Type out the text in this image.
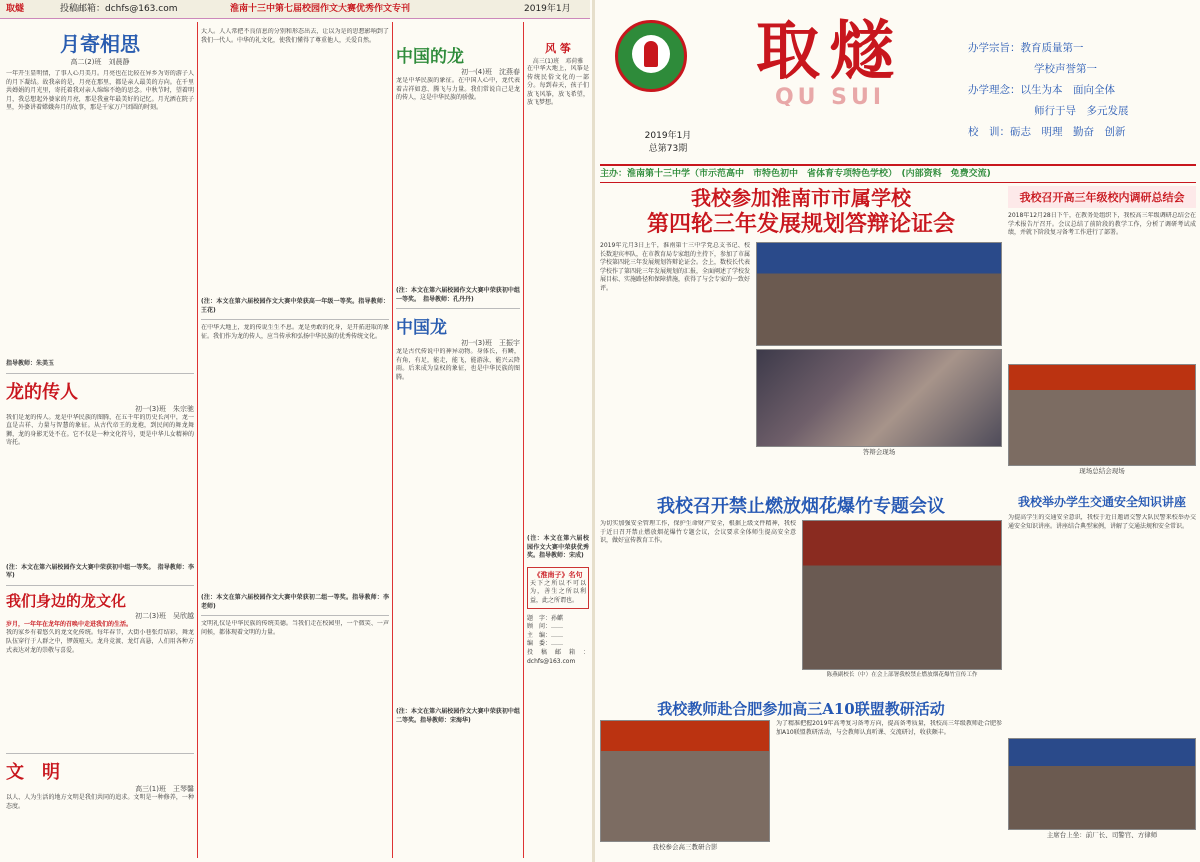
取燧	投稿邮箱：dchfs@163.com	淮南十三中第七届校园作文大赛优秀作文专刊	2019年1月
月寄相思
高二(2)班　刘晨静
一年开生显明情，了事人心月美月。月亮也在比较在异乡为寄的游子人的月下凝结。故我亲的是，月亮在那里，都是亲人最美的方向。在千里共婵娟的月光里，寄托着我对亲人绵绵不绝的思念。中秋节时，望着明月，我总想起外婆家的月亮，那是我童年最美好的记忆。月光洒在院子里，外婆讲着嫦娥奔月的故事，那是千家万户团圆的时刻。
指导教师：朱美玉
龙的传人
初一(3)班　朱宗驰
我们是龙的传人。龙是中华民族的图腾，在五千年的历史长河中，龙一直是吉祥、力量与智慧的象征。从古代帝王的龙袍，到民间的舞龙舞狮，龙的身影无处不在。它不仅是一种文化符号，更是中华儿女精神的寄托。
(注：本文在第六届校园作文大赛中荣获初中组一等奖。　指导教师：李军)
我们身边的龙文化
初二(3)班　吴欣越
岁月，一年年在龙年的召唤中走进我们的生活。
我的家乡有着悠久的龙文化传统。每年春节，大街小巷张灯结彩，舞龙队伍穿行于人群之中，锣鼓喧天。龙舟竞渡、龙灯高悬，人们用各种方式表达对龙的崇敬与喜爱。
文　明
高三(1)班　王琴馨
以人、人为生活的地方文明是我们共同的追求。文明是一种修养，一种态度。
大人。人人常把不良信息的分别和形态出去，让以为是的思想影响到了我们一代人。中华的礼文化，使我们懂得了尊重他人，关爱自然。
(注：本文在第六届校园作文大赛中荣获高一年级一等奖。指导教师：王花)
在中华大地上，龙的传说生生不息。龙是勇敢的化身，是开拓进取的象征。我们作为龙的传人，应当传承和弘扬中华民族的优秀传统文化。
(注：本文在第六届校园作文大赛中荣获初二组一等奖。指导教师：李老师)
文明礼仪是中华民族的传统美德。当我们走在校园里，一个微笑、一声问候，都体现着文明的力量。
中国的龙
初一(4)班　沈燕春
龙是中华民族的象征。在中国人心中，龙代表着吉祥如意、腾飞与力量。我们常说自己是龙的传人，这是中华民族的骄傲。
(注：本文在第六届校园作文大赛中荣获初中组一等奖。　指导教师：孔丹丹)
中国龙
初一(3)班　王振宇
龙是古代传说中的神异动物。身体长，有鳞，有角，有足，能走，能飞，能游泳，能兴云降雨。后来成为皇权的象征，也是中华民族的图腾。
(注：本文在第六届校园作文大赛中荣获初中组二等奖。指导教师：宋海华)
风 筝
高三(1)班　邓荷雅
在中华大地上，风筝是传统民俗文化的一部分。每到春天，孩子们放飞风筝，放飞希望，放飞梦想。
(注：本文在第六届校园作文大赛中荣获优秀奖。指导教师：宋成)
《淮南子》名句
天下之所以不可以为，善生之所以利益，此之所谓也。
题　字：孙麒
顾　问：……
主　编：……
编　委：……
投稿邮箱：dchfs@163.com
取燧
QU SUI
2019年1月
总第73期
办学宗旨：教育质量第一
学校声誉第一
办学理念：以生为本　面向全体
师行于导　多元发展
校　训：砺志　明理　勤奋　创新
主办：淮南第十三中学（市示范高中　市特色初中　省体育专项特色学校）　(内部资料　免费交流)
我校参加淮南市市属学校
第四轮三年发展规划答辩论证会
2019年元月3日上午，淮南第十三中学党总支书记、校长数迎宾率队，在市教育局专家组的主持下，参加了市属学校第四轮三年发展规划答辩论证会。会上，数校长代表学校作了第四轮三年发展规划的汇报，全面阐述了学校发展目标、实施路径和保障措施，获得了与会专家的一致好评。
答辩会现场
我校召开高三年级校内调研总结会
2018年12月28日下午，在教务处组织下，我校高三年级调研总结会在学术报告厅召开。会议总结了前阶段的教学工作，分析了调研考试成绩，并就下阶段复习备考工作进行了部署。
现场总结会现场
我校召开禁止燃放烟花爆竹专题会议
为切实加强安全管理工作，保护生命财产安全，根据上级文件精神，我校于近日召开禁止燃放烟花爆竹专题会议，会议要求全体师生提高安全意识，做好宣传教育工作。
陈燕副校长（中）在会上部署我校禁止燃放烟花爆竹宣传工作
我校举办学生交通安全知识讲座
为提高学生的交通安全意识，我校于近日邀请交警大队民警来校举办交通安全知识讲座。讲座结合典型案例，讲解了交通法规和安全常识。
主席台上坐：前厂长、司警官、方律师
我校教师赴合肥参加高三A10联盟教研活动
我校参会高三教研合影
为了精准把握2019年高考复习备考方向，提高备考质量，我校高三年级教师赴合肥参加A10联盟教研活动，与会教师认真听课、交流研讨，收获颇丰。
